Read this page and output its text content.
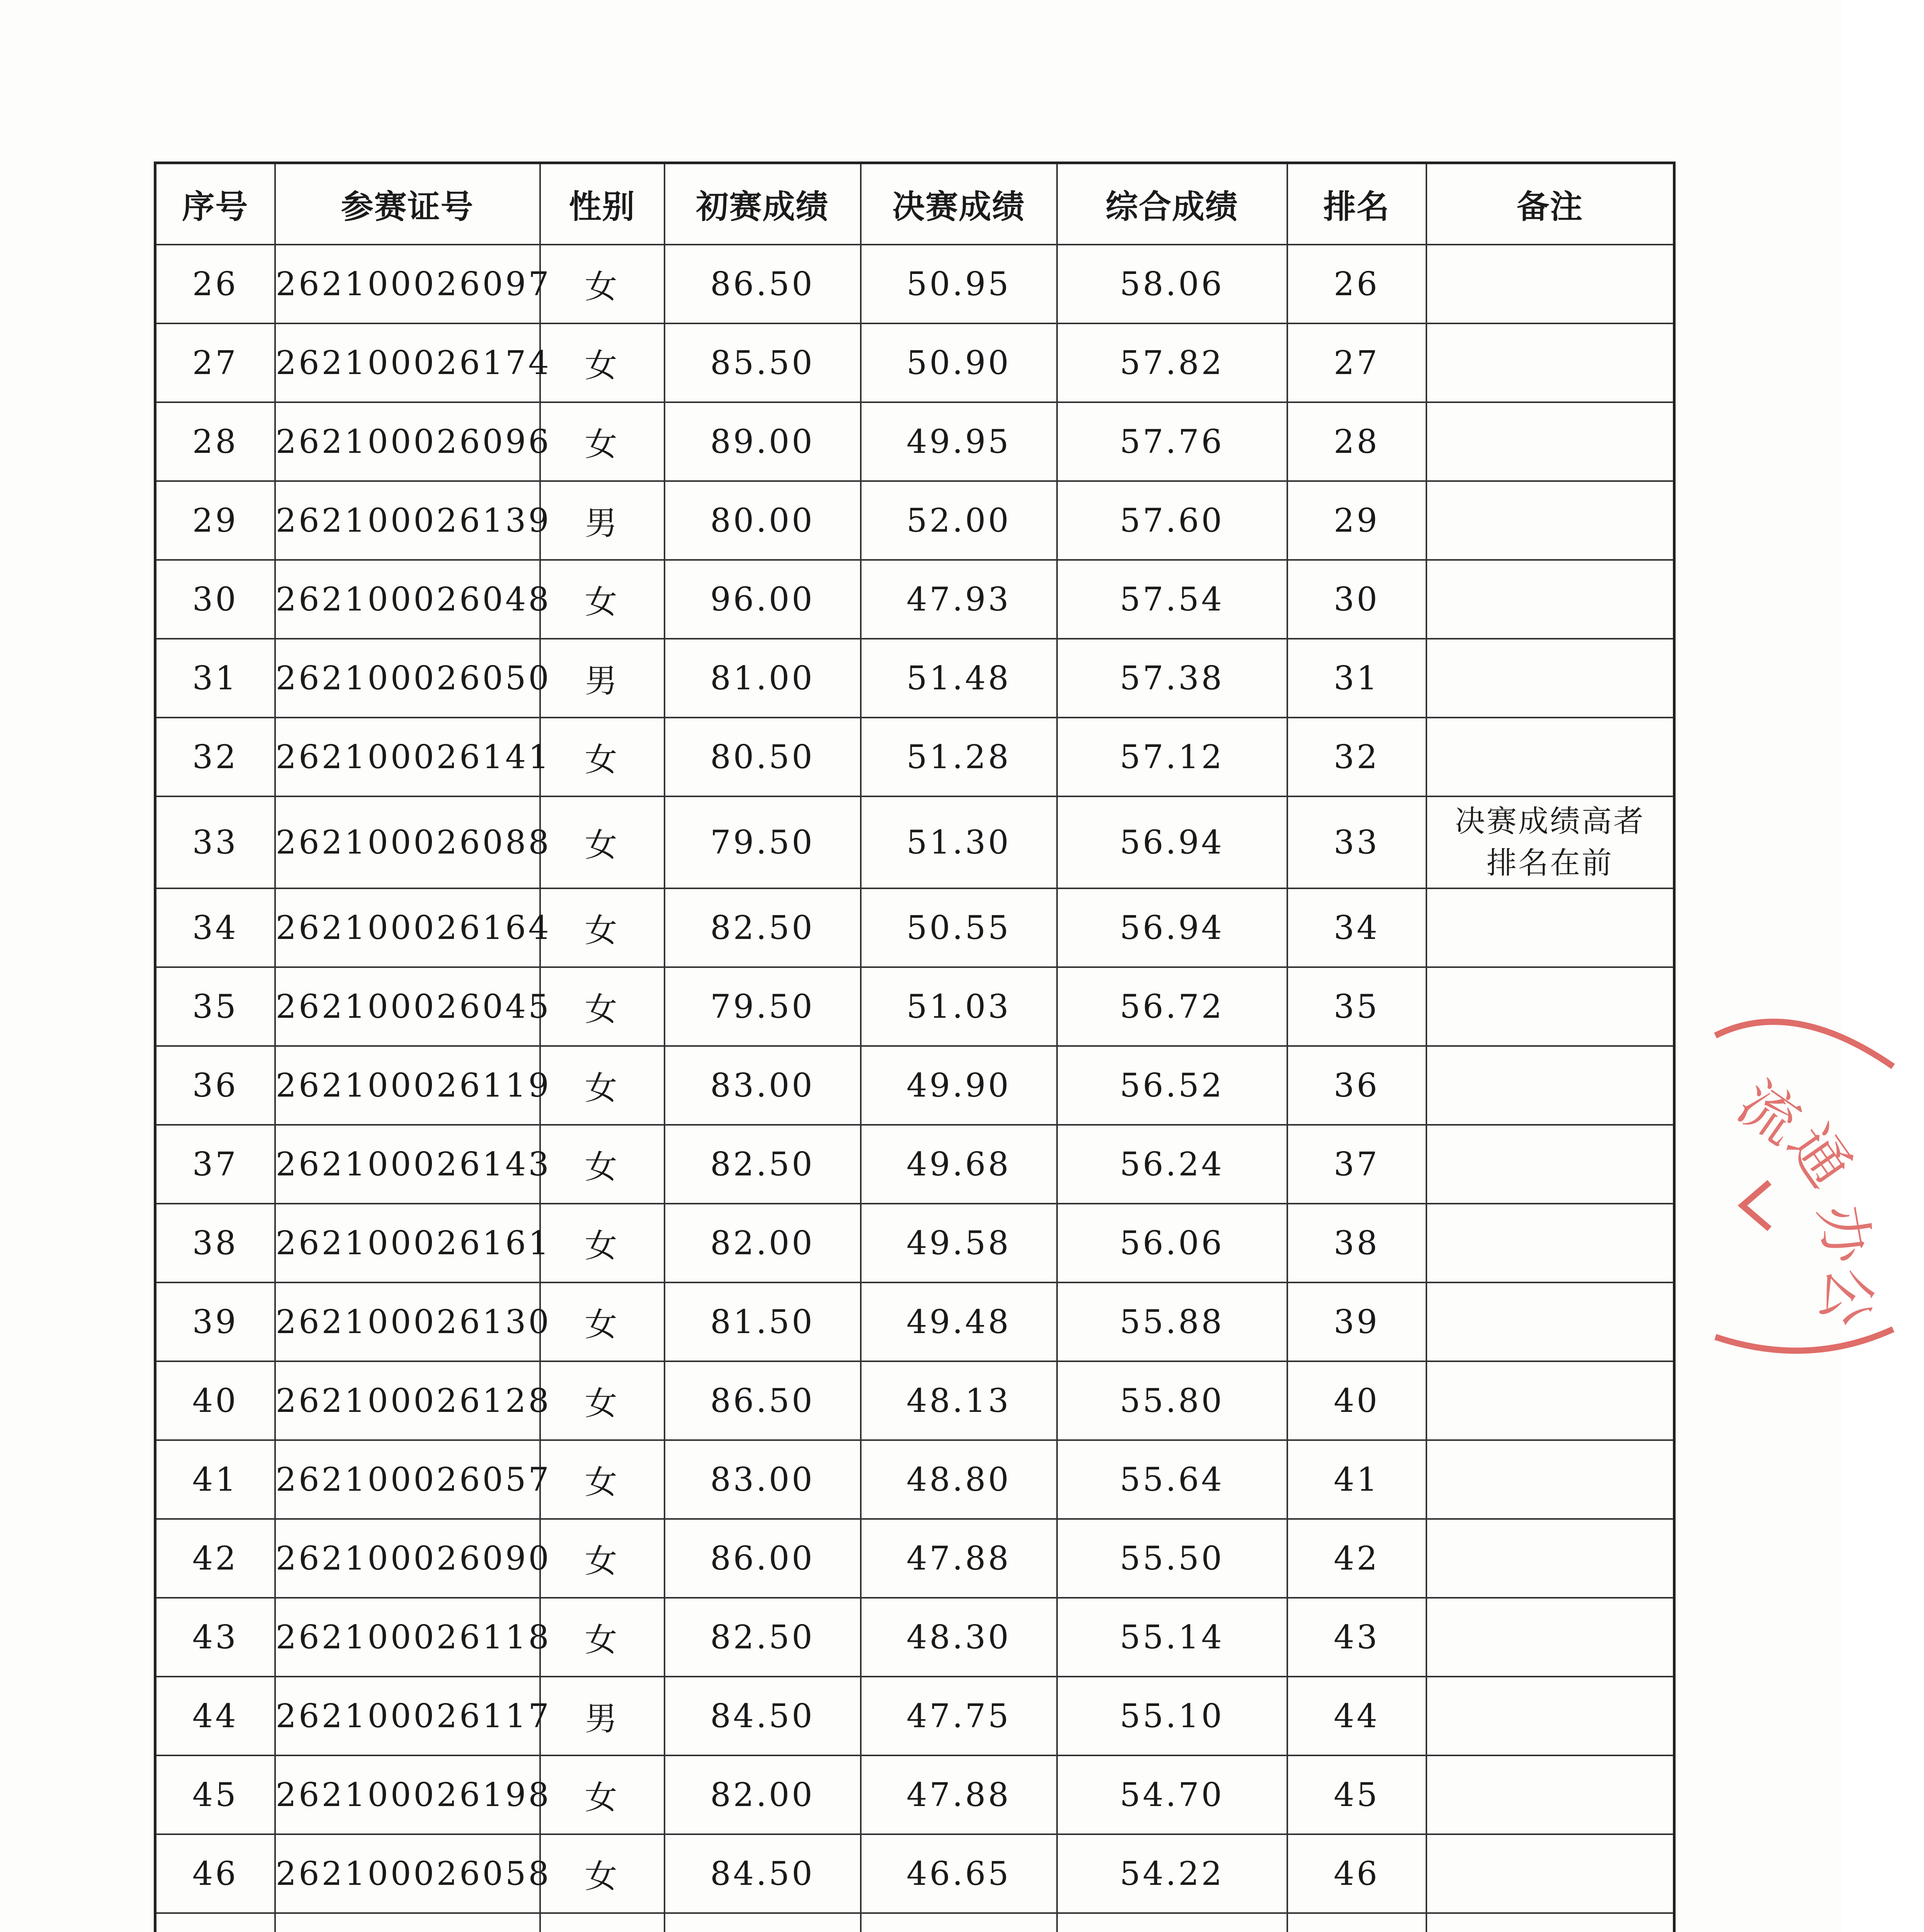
序号	参赛证号	性别	初赛成绩	决赛成绩	综合成绩	排名	备注
26	262100026097	女	86.50	50.95	58.06	26	
27	262100026174	女	85.50	50.90	57.82	27	
28	262100026096	女	89.00	49.95	57.76	28	
29	262100026139	男	80.00	52.00	57.60	29	
30	262100026048	女	96.00	47.93	57.54	30	
31	262100026050	男	81.00	51.48	57.38	31	
32	262100026141	女	80.50	51.28	57.12	32	
33	262100026088	女	79.50	51.30	56.94	33	决赛成绩高者
排名在前
34	262100026164	女	82.50	50.55	56.94	34	
35	262100026045	女	79.50	51.03	56.72	35	
36	262100026119	女	83.00	49.90	56.52	36	
37	262100026143	女	82.50	49.68	56.24	37	
38	262100026161	女	82.00	49.58	56.06	38	
39	262100026130	女	81.50	49.48	55.88	39	
40	262100026128	女	86.50	48.13	55.80	40	
41	262100026057	女	83.00	48.80	55.64	41	
42	262100026090	女	86.00	47.88	55.50	42	
43	262100026118	女	82.50	48.30	55.14	43	
44	262100026117	男	84.50	47.75	55.10	44	
45	262100026198	女	82.00	47.88	54.70	45	
46	262100026058	女	84.50	46.65	54.22	46	

流
通
办
公
